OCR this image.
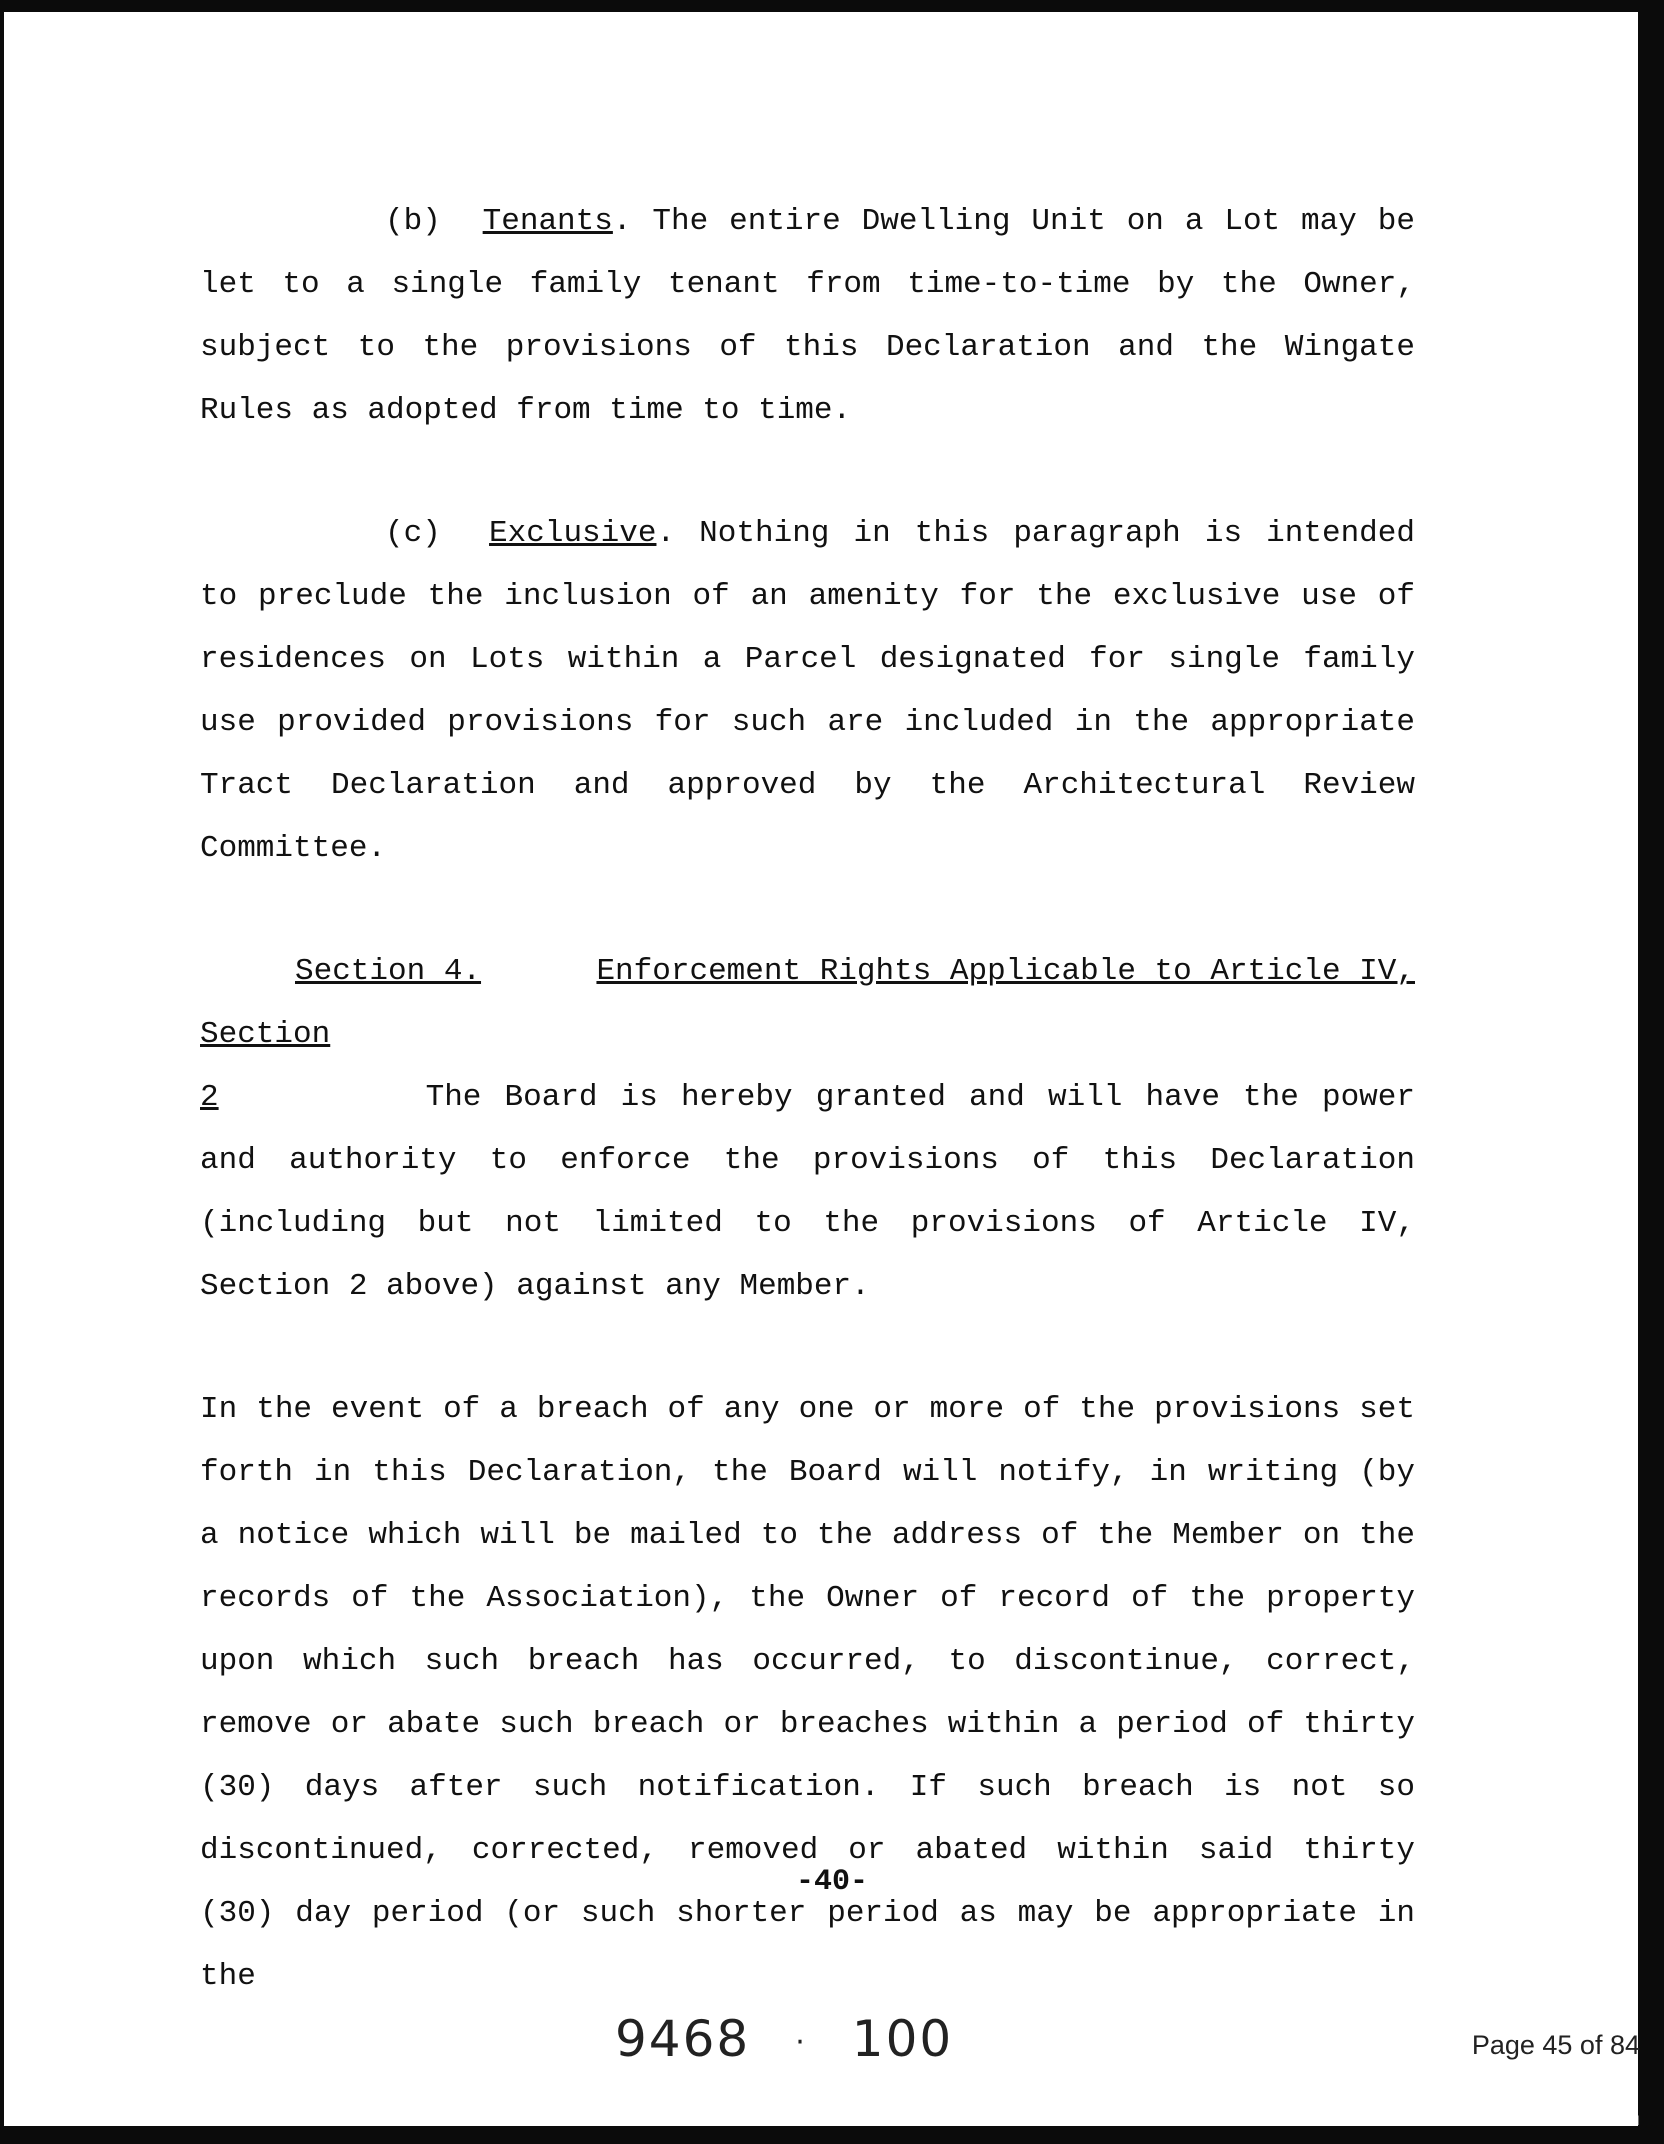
(b) Tenants. The entire Dwelling Unit on a Lot may be let to a single family tenant from time-to-time by the Owner, subject to the provisions of this Declaration and the Wingate Rules as adopted from time to time.

(c) Exclusive. Nothing in this paragraph is intended to preclude the inclusion of an amenity for the exclusive use of residences on Lots within a Parcel designated for single family use provided provisions for such are included in the appropriate Tract Declaration and approved by the Architectural Review Committee.

Section 4.	Enforcement Rights Applicable to Article IV,

Section 2	The Board is hereby granted and will have the power and authority to enforce the provisions of this Declaration (including but not limited to the provisions of Article IV, Section 2 above) against any Member.

In the event of a breach of any one or more of the provisions set forth in this Declaration, the Board will notify, in writing (by a notice which will be mailed to the address of the Member on the records of the Association), the Owner of record of the property upon which such breach has occurred, to discontinue, correct, remove or abate such breach or breaches within a period of thirty (30) days after such notification. If such breach is not so discontinued, corrected, removed or abated within said thirty (30) day period (or such shorter period as may be appropriate in the

-40-
9468 · 100	Page 45 of 84
09/29/2011 12:14 PM
